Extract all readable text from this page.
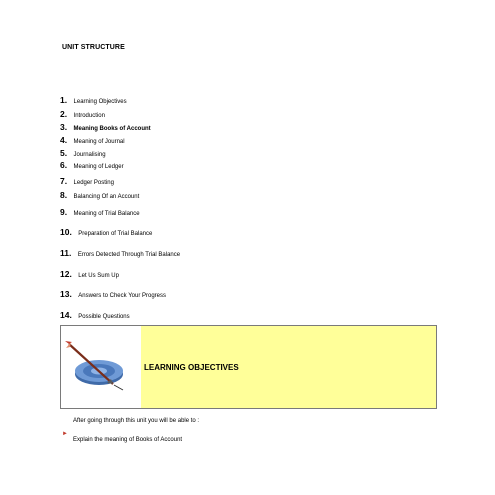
UNIT STRUCTURE
1. Learning Objectives
2. Introduction
3. Meaning Books of Account
4. Meaning of Journal
5. Journalising
6. Meaning of Ledger
7. Ledger Posting
8. Balancing Of an Account
9. Meaning of Trial Balance
10. Preparation of Trial Balance
11. Errors Detected Through Trial Balance
12. Let Us Sum Up
13. Answers to Check Your Progress
14. Possible Questions
LEARNING OBJECTIVES
After going through this unit you will be able to :
►
Explain the meaning of Books of Account
